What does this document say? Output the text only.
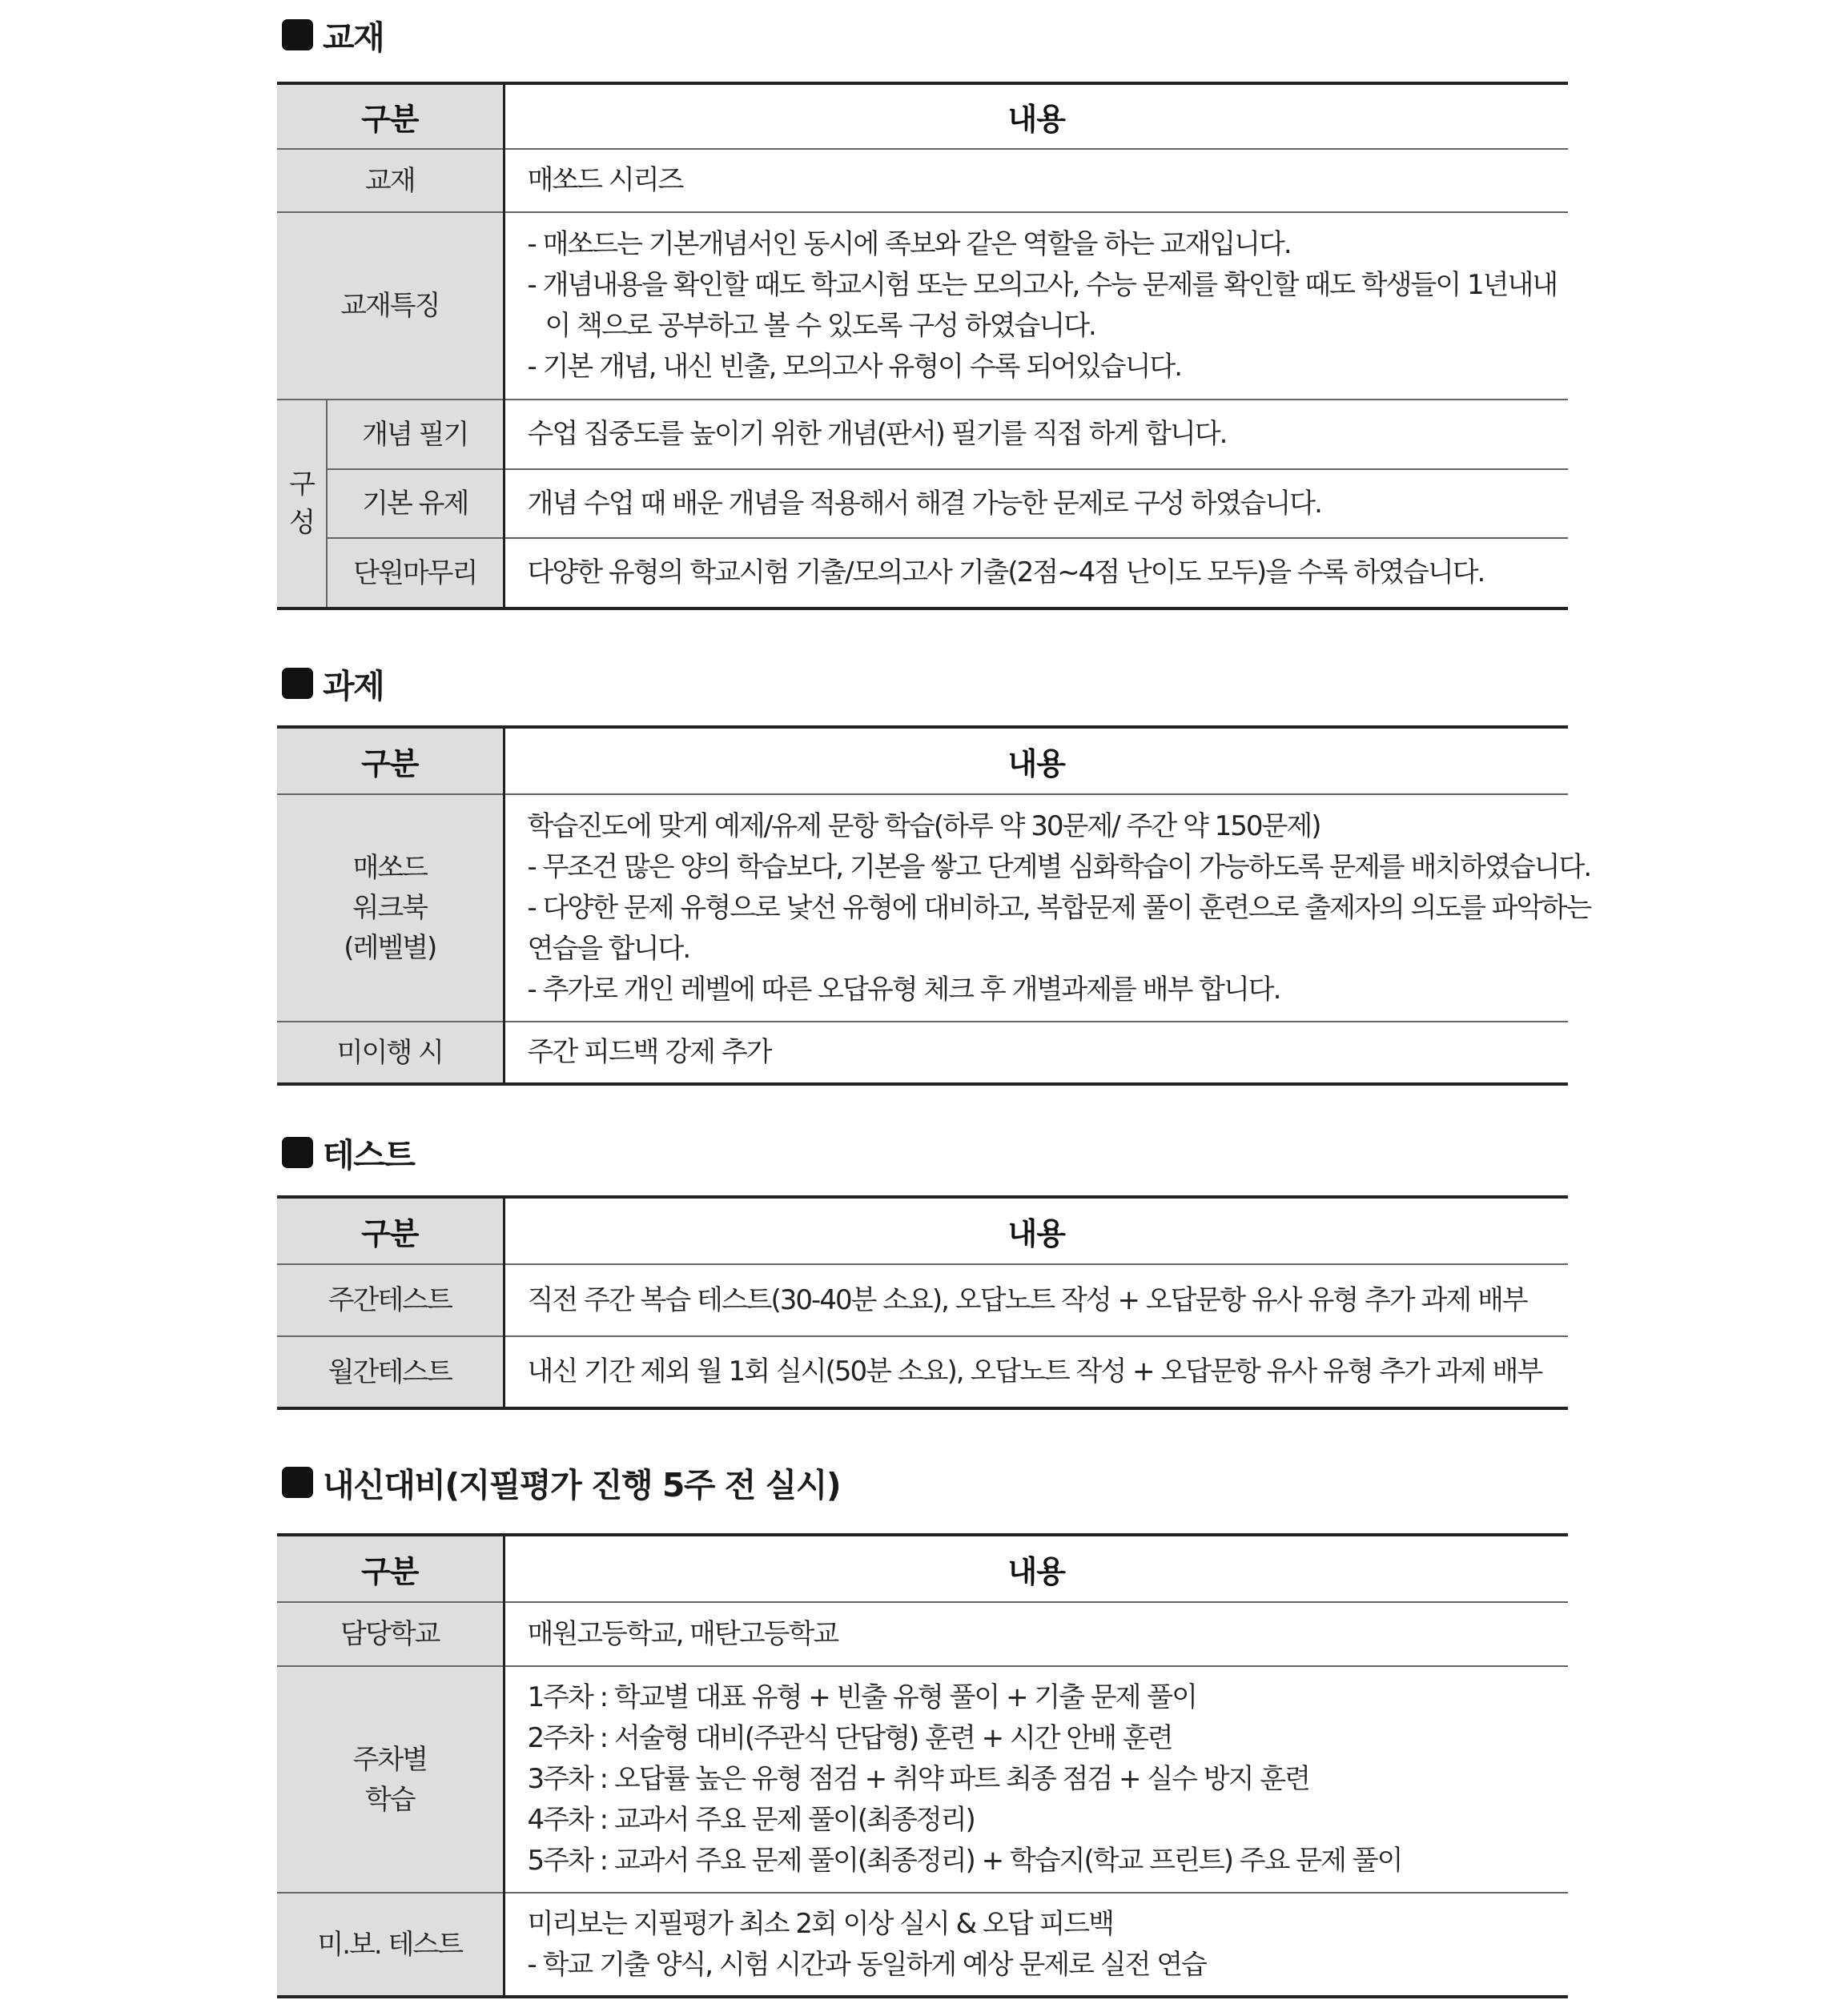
교재
구분		내용
교재		매쏘드 시리즈

교재특징		- 매쏘드는 기본개념서인 동시에 족보와 같은 역할을 하는 교재입니다.
- 개념내용을 확인할 때도 학교시험 또는 모의고사, 수능 문제를 확인할 때도 학생들이 1년내내
이 책으로 공부하고 볼 수 있도록 구성 하였습니다.
- 기본 개념, 내신 빈출, 모의고사 유형이 수록 되어있습니다.

구
성	개념 필기	수업 집중도를 높이기 위한 개념(판서) 필기를 직접 하게 합니다.

	기본 유제	개념 수업 때 배운 개념을 적용해서 해결 가능한 문제로 구성 하였습니다.

	단원마무리	다양한 유형의 학교시험 기출/모의고사 기출(2점~4점 난이도 모두)을 수록 하였습니다.
과제
구분	내용

매쏘드
워크북
(레벨별)	학습진도에 맞게 예제/유제 문항 학습(하루 약 30문제/ 주간 약 150문제)
- 무조건 많은 양의 학습보다, 기본을 쌓고 단계별 심화학습이 가능하도록 문제를 배치하였습니다.
- 다양한 문제 유형으로 낯선 유형에 대비하고, 복합문제 풀이 훈련으로 출제자의 의도를 파악하는
연습을 합니다.
- 추가로 개인 레벨에 따른 오답유형 체크 후 개별과제를 배부 합니다.

미이행 시	주간 피드백 강제 추가
테스트
구분	내용
주간테스트	직전 주간 복습 테스트(30-40분 소요), 오답노트 작성 + 오답문항 유사 유형 추가 과제 배부

월간테스트	내신 기간 제외 월 1회 실시(50분 소요), 오답노트 작성 + 오답문항 유사 유형 추가 과제 배부
내신대비(지필평가 진행 5주 전 실시)
구분	내용

담당학교	매원고등학교, 매탄고등학교

주차별
학습	1주차 : 학교별 대표 유형 + 빈출 유형 풀이 + 기출 문제 풀이
2주차 : 서술형 대비(주관식 단답형) 훈련 + 시간 안배 훈련
3주차 : 오답률 높은 유형 점검 + 취약 파트 최종 점검 + 실수 방지 훈련
4주차 : 교과서 주요 문제 풀이(최종정리)
5주차 : 교과서 주요 문제 풀이(최종정리) + 학습지(학교 프린트) 주요 문제 풀이

미.보. 테스트	미리보는 지필평가 최소 2회 이상 실시 & 오답 피드백
- 학교 기출 양식, 시험 시간과 동일하게 예상 문제로 실전 연습
